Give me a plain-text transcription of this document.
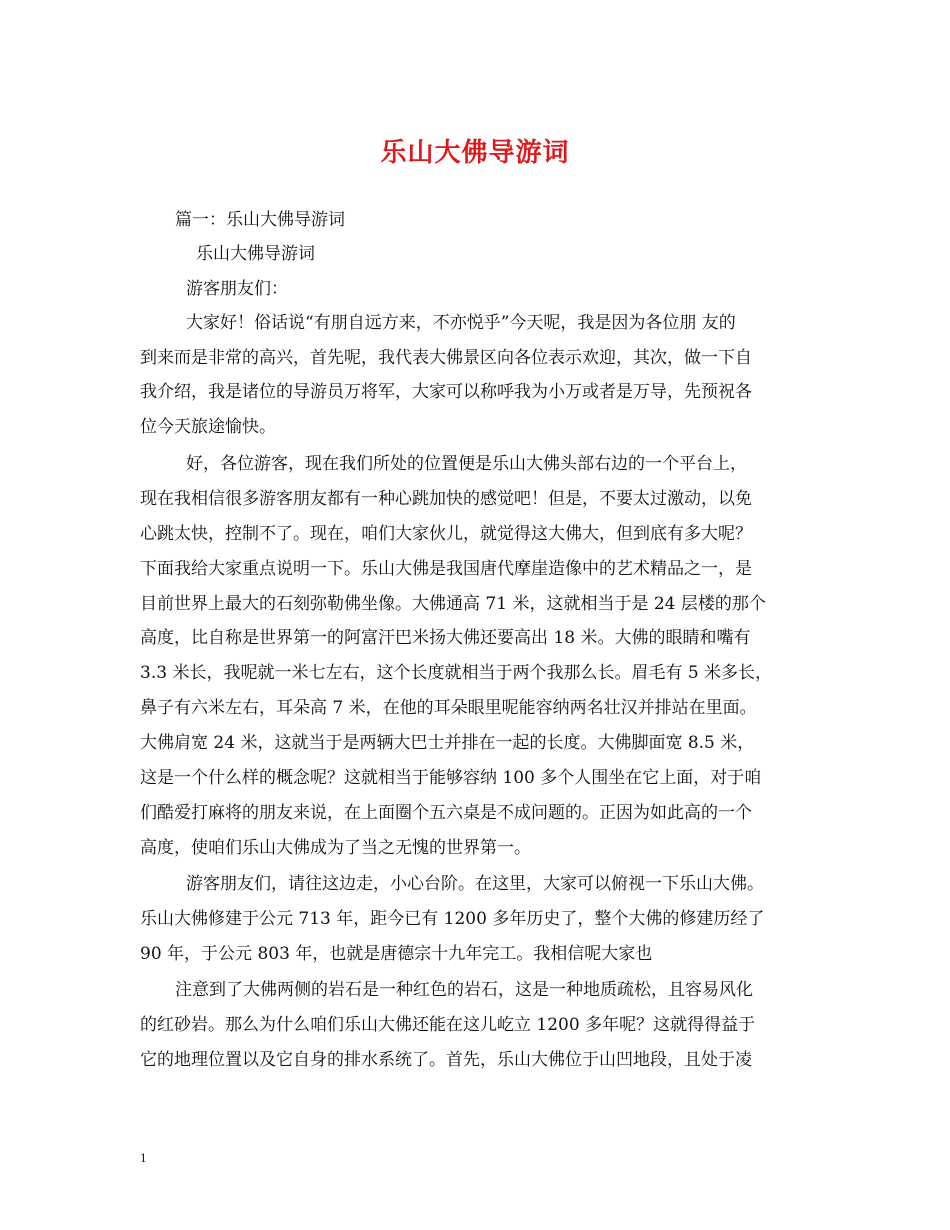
乐山大佛导游词
篇一：乐山大佛导游词
乐山大佛导游词
游客朋友们：
大家好！俗话说“有朋自远方来，不亦悦乎”今天呢，我是因为各位朋 友的
到来而是非常的高兴，首先呢，我代表大佛景区向各位表示欢迎，其次，做一下自
我介绍，我是诸位的导游员万将军，大家可以称呼我为小万或者是万导，先预祝各
位今天旅途愉快。
好，各位游客，现在我们所处的位置便是乐山大佛头部右边的一个平台上，
现在我相信很多游客朋友都有一种心跳加快的感觉吧！但是，不要太过激动，以免
心跳太快，控制不了。现在，咱们大家伙儿，就觉得这大佛大，但到底有多大呢？
下面我给大家重点说明一下。乐山大佛是我国唐代摩崖造像中的艺术精品之一，是
目前世界上最大的石刻弥勒佛坐像。大佛通高 71 米，这就相当于是 24 层楼的那个
高度，比自称是世界第一的阿富汗巴米扬大佛还要高出 18 米。大佛的眼睛和嘴有
3.3 米长，我呢就一米七左右，这个长度就相当于两个我那么长。眉毛有 5 米多长，
鼻子有六米左右，耳朵高 7 米，在他的耳朵眼里呢能容纳两名壮汉并排站在里面。
大佛肩宽 24 米，这就当于是两辆大巴士并排在一起的长度。大佛脚面宽 8.5 米，
这是一个什么样的概念呢？这就相当于能够容纳 100 多个人围坐在它上面，对于咱
们酷爱打麻将的朋友来说，在上面圈个五六桌是不成问题的。正因为如此高的一个
高度，使咱们乐山大佛成为了当之无愧的世界第一。
游客朋友们，请往这边走，小心台阶。在这里，大家可以俯视一下乐山大佛。
乐山大佛修建于公元 713 年，距今已有 1200 多年历史了，整个大佛的修建历经了
90 年，于公元 803 年，也就是唐德宗十九年完工。我相信呢大家也
注意到了大佛两侧的岩石是一种红色的岩石，这是一种地质疏松，且容易风化
的红砂岩。那么为什么咱们乐山大佛还能在这儿屹立 1200 多年呢？这就得得益于
它的地理位置以及它自身的排水系统了。首先，乐山大佛位于山凹地段，且处于凌
1
